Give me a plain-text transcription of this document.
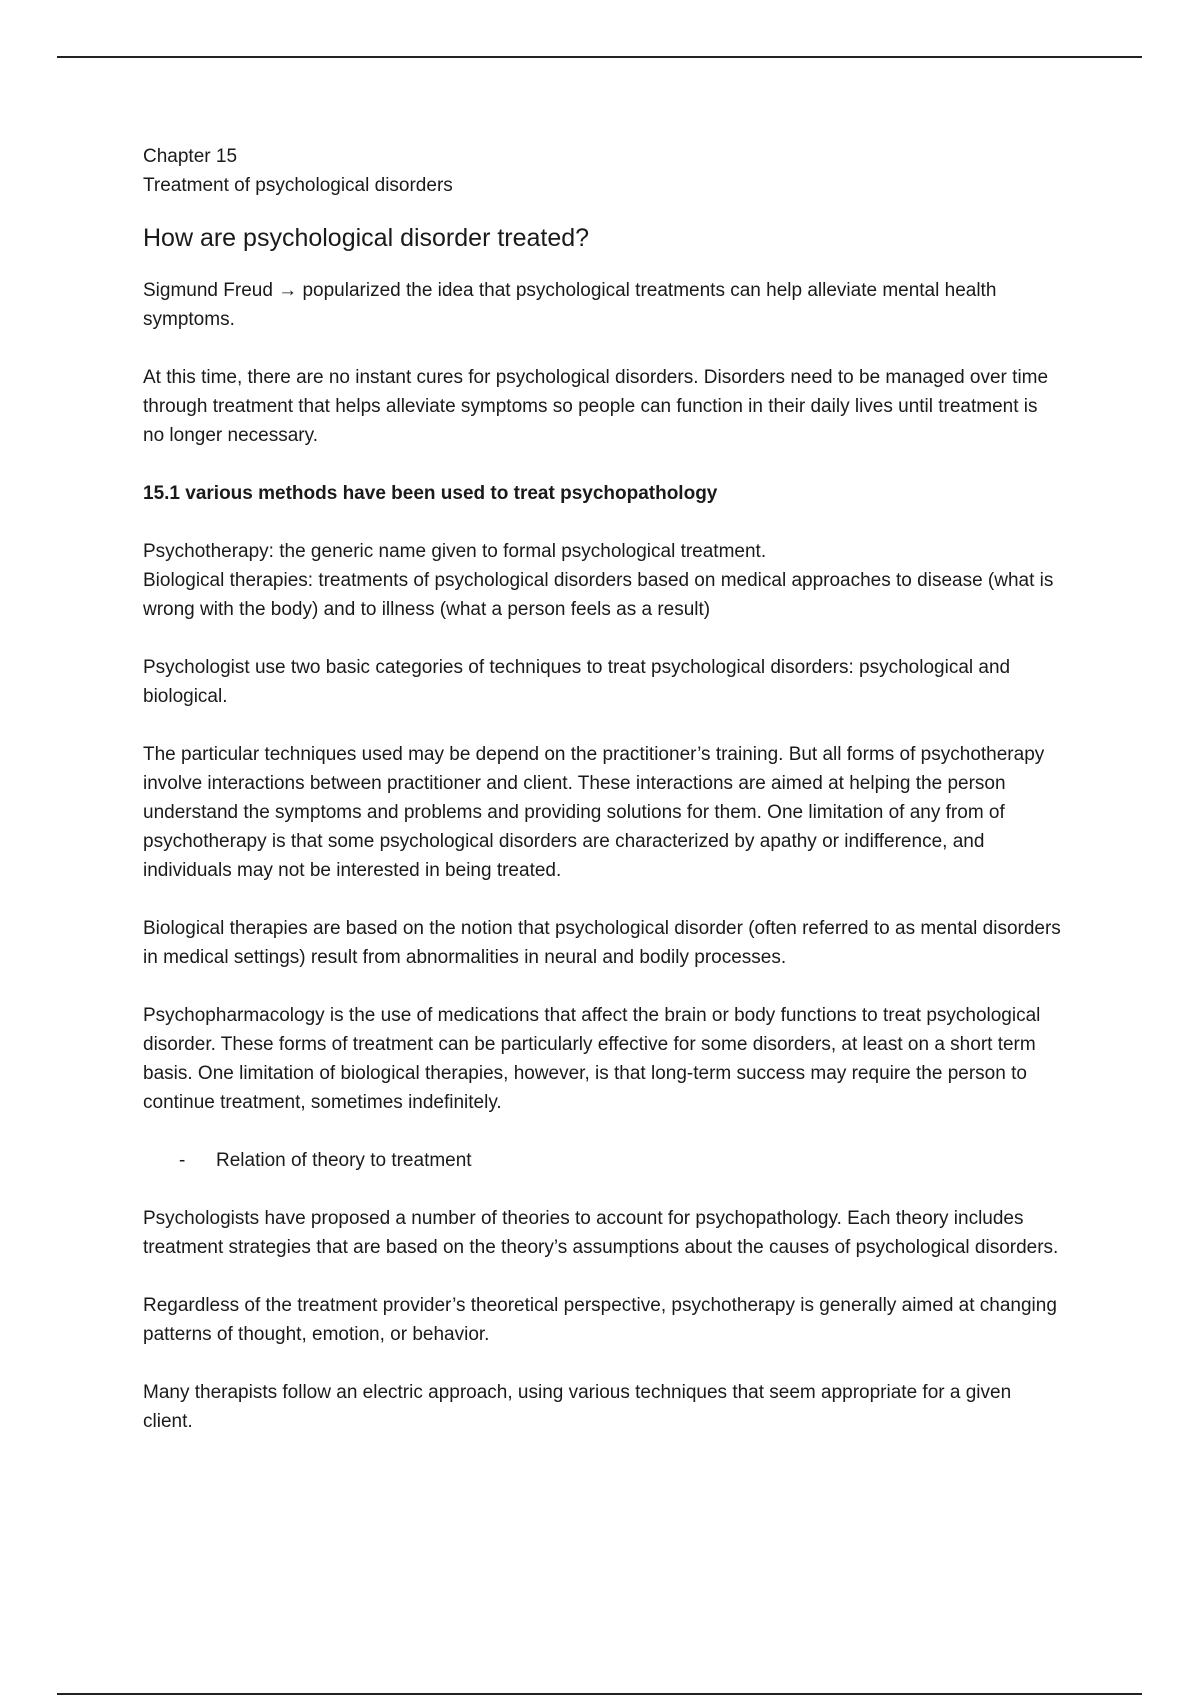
Chapter 15

Treatment of psychological disorders

How are psychological disorder treated?

Sigmund Freud → popularized the idea that psychological treatments can help alleviate mental health symptoms.

At this time, there are no instant cures for psychological disorders. Disorders need to be managed over time through treatment that helps alleviate symptoms so people can function in their daily lives until treatment is no longer necessary.

15.1 various methods have been used to treat psychopathology

Psychotherapy: the generic name given to formal psychological treatment.

Biological therapies: treatments of psychological disorders based on medical approaches to disease (what is wrong with the body) and to illness (what a person feels as a result)

Psychologist use two basic categories of techniques to treat psychological disorders: psychological and biological.

The particular techniques used may be depend on the practitioner’s training. But all forms of psychotherapy involve interactions between practitioner and client. These interactions are aimed at helping the person understand the symptoms and problems and providing solutions for them. One limitation of any from of psychotherapy is that some psychological disorders are characterized by apathy or indifference, and individuals may not be interested in being treated.

Biological therapies are based on the notion that psychological disorder (often referred to as mental disorders in medical settings) result from abnormalities in neural and bodily processes.

Psychopharmacology is the use of medications that affect the brain or body functions to treat psychological disorder. These forms of treatment can be particularly effective for some disorders, at least on a short term basis. One limitation of biological therapies, however, is that long-term success may require the person to continue treatment, sometimes indefinitely.

-	Relation of theory to treatment

Psychologists have proposed a number of theories to account for psychopathology. Each theory includes treatment strategies that are based on the theory’s assumptions about the causes of psychological disorders.

Regardless of the treatment provider’s theoretical perspective, psychotherapy is generally aimed at changing patterns of thought, emotion, or behavior.

Many therapists follow an electric approach, using various techniques that seem appropriate for a given client.
